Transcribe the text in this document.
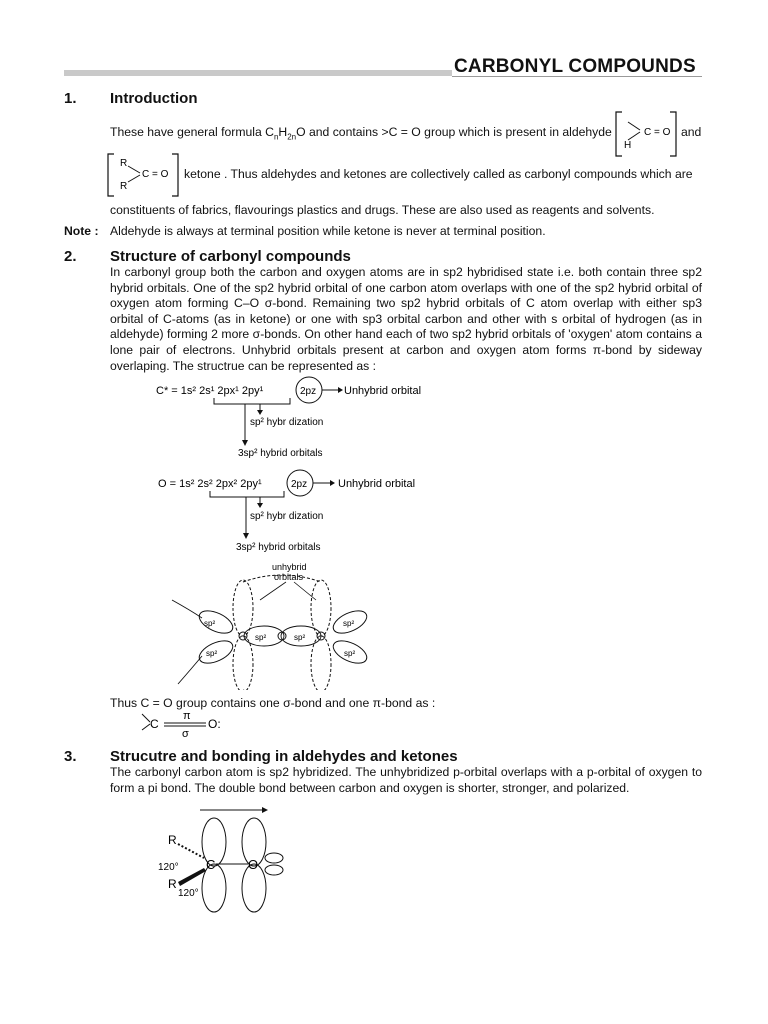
CARBONYL COMPOUNDS
1. Introduction
These have general formula $C_nH_{2n}O$ and contains >C = O group which is present in aldehyde	C = O
H
and
R
R
C = O ketone . Thus aldehydes and ketones are collectively called as carbonyl compounds which are
constituents of fabrics, flavourings plastics and drugs. These are also used as reagents and solvents.
Note : Aldehyde is always at terminal position while ketone is never at terminal position.
2. Structure of carbonyl compounds
In carbonyl group both the carbon and oxygen atoms are in sp2 hybridised state i.e. both contain three sp2 hybrid orbitals. One of the sp2 hybrid orbital of one carbon atom overlaps with one of the sp2 hybrid orbital of oxygen atom forming C–O σ-bond. Remaining two sp2 hybrid orbitals of C atom overlap with either sp3 orbital of C-atoms (as in ketone) or one with sp3 orbital carbon and other with s orbital of hydrogen (as in aldehyde) forming 2 more σ-bonds. On other hand each of two sp2 hybrid orbitals of 'oxygen' atom contains a lone pair of electrons. Unhybrid orbitals present at carbon and oxygen atom forms π-bond by sideway overlaping. The structrue can be represented as :
C* = 1s² 2s¹ 2px¹ 2py¹	2pz	Unhybrid orbital
sp² hybr dization
3sp² hybrid orbitals
O = 1s² 2s² 2px² 2py¹	2pz	Unhybrid orbital
sp² hybr dization
3sp² hybrid orbitals
unhybrid
orbitals
sp²	sp²
sp²
sp²
sp²
sp²
Thus C = O group contains one σ-bond and one π-bond as :
C
π
σ
O:
3. Strucutre and bonding in aldehydes and ketones
The carbonyl carbon atom is sp2 hybridized. The unhybridized p-orbital overlaps with a p-orbital of oxygen to form a pi bond. The double bond between carbon and oxygen is shorter, stronger, and polarized.
C	O
R
R
120°
120°
